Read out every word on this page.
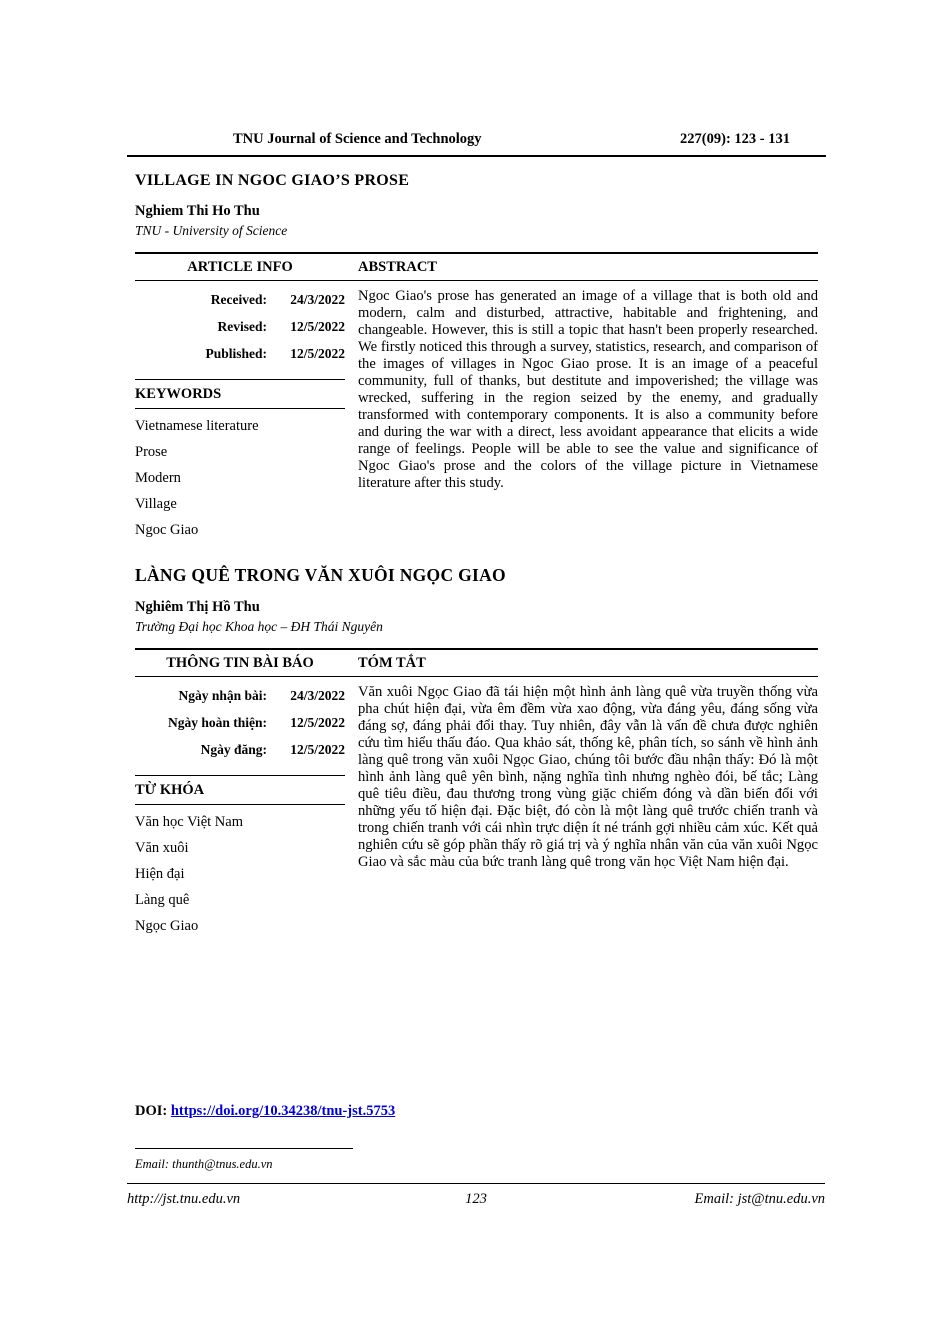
TNU Journal of Science and Technology	227(09): 123 - 131
VILLAGE IN NGOC GIAO’S PROSE

Nghiem Thi Ho Thu

TNU - University of Science

ARTICLE INFO	ABSTRACT
Received:	24/3/2022
Revised:	12/5/2022
Published:	12/5/2022
KEYWORDS
Vietnamese literature
Prose
Modern
Village
Ngoc Giao
Ngoc Giao's prose has generated an image of a village that is both old and modern, calm and disturbed, attractive, habitable and frightening, and changeable. However, this is still a topic that hasn't been properly researched. We firstly noticed this through a survey, statistics, research, and comparison of the images of villages in Ngoc Giao prose. It is an image of a peaceful community, full of thanks, but destitute and impoverished; the village was wrecked, suffering in the region seized by the enemy, and gradually transformed with contemporary components. It is also a community before and during the war with a direct, less avoidant appearance that elicits a wide range of feelings. People will be able to see the value and significance of Ngoc Giao's prose and the colors of the village picture in Vietnamese literature after this study.
LÀNG QUÊ TRONG VĂN XUÔI NGỌC GIAO

Nghiêm Thị Hồ Thu

Trường Đại học Khoa học – ĐH Thái Nguyên

THÔNG TIN BÀI BÁO	TÓM TẮT
Ngày nhận bài:	24/3/2022
Ngày hoàn thiện:	12/5/2022
Ngày đăng:	12/5/2022
TỪ KHÓA
Văn học Việt Nam
Văn xuôi
Hiện đại
Làng quê
Ngọc Giao
Văn xuôi Ngọc Giao đã tái hiện một hình ảnh làng quê vừa truyền thống vừa pha chút hiện đại, vừa êm đềm vừa xao động, vừa đáng yêu, đáng sống vừa đáng sợ, đáng phải đổi thay. Tuy nhiên, đây vẫn là vấn đề chưa được nghiên cứu tìm hiểu thấu đáo. Qua khảo sát, thống kê, phân tích, so sánh về hình ảnh làng quê trong văn xuôi Ngọc Giao, chúng tôi bước đầu nhận thấy: Đó là một hình ảnh làng quê yên bình, nặng nghĩa tình nhưng nghèo đói, bế tắc; Làng quê tiêu điều, đau thương trong vùng giặc chiếm đóng và dần biến đổi với những yếu tố hiện đại. Đặc biệt, đó còn là một làng quê trước chiến tranh và trong chiến tranh với cái nhìn trực diện ít né tránh gợi nhiều cảm xúc. Kết quả nghiên cứu sẽ góp phần thấy rõ giá trị và ý nghĩa nhân văn của văn xuôi Ngọc Giao và sắc màu của bức tranh làng quê trong văn học Việt Nam hiện đại.
DOI: https://doi.org/10.34238/tnu-jst.5753
Email: thunth@tnus.edu.vn
http://jst.tnu.edu.vn	123	Email: jst@tnu.edu.vn
